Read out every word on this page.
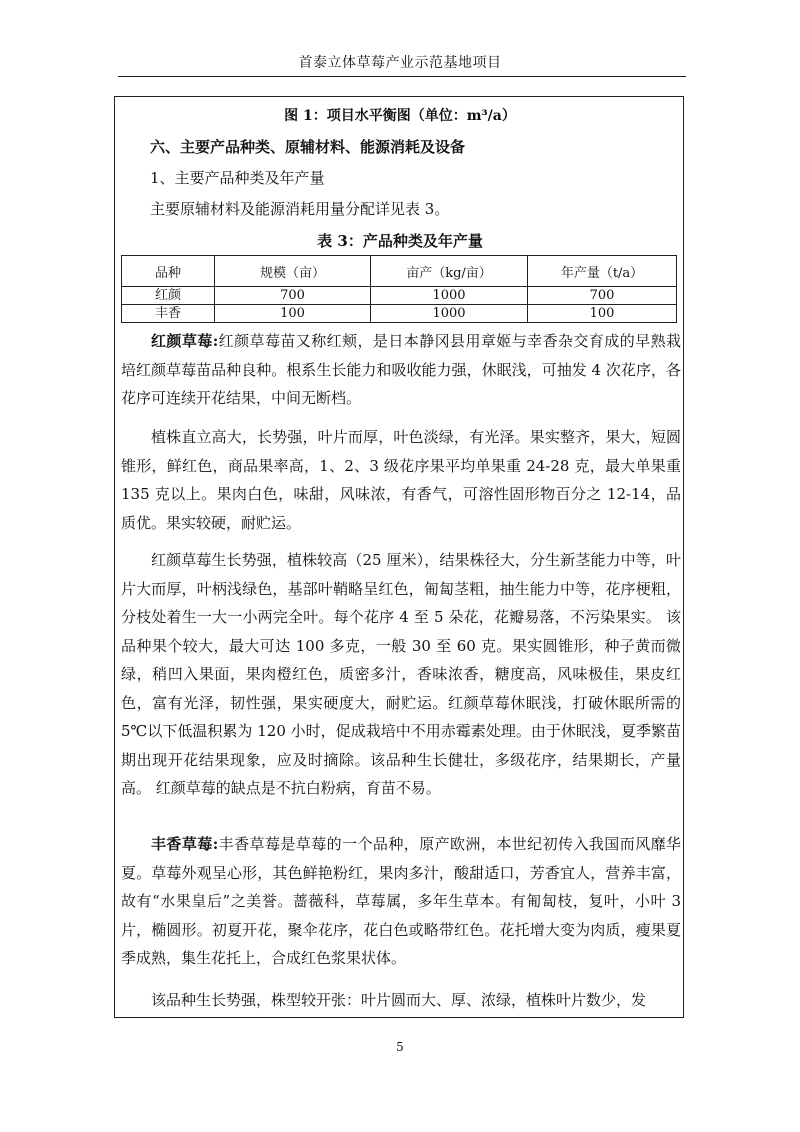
首泰立体草莓产业示范基地项目
图 1：项目水平衡图（单位：m³/a）
六、主要产品种类、原辅材料、能源消耗及设备
1、主要产品种类及年产量
主要原辅材料及能源消耗用量分配详见表 3。
表 3：产品种类及年产量
品种	规模（亩）	亩产（kg/亩）	年产量（t/a）
红颜	700	1000	700
丰香	100	1000	100

红颜草莓:红颜草莓苗又称红颊，是日本静冈县用章姬与幸香杂交育成的早熟栽培红颜草莓苗品种良种。根系生长能力和吸收能力强，休眠浅，可抽发 4 次花序，各花序可连续开花结果，中间无断档。

植株直立高大，长势强，叶片而厚，叶色淡绿，有光泽。果实整齐，果大，短圆锥形，鲜红色，商品果率高，1、2、3 级花序果平均单果重 24-28 克，最大单果重 135 克以上。果肉白色，味甜，风味浓，有香气，可溶性固形物百分之 12-14，品质优。果实较硬，耐贮运。

红颜草莓生长势强，植株较高（25 厘米），结果株径大，分生新茎能力中等，叶片大而厚，叶柄浅绿色，基部叶鞘略呈红色，匍匐茎粗，抽生能力中等，花序梗粗，分枝处着生一大一小两完全叶。每个花序 4 至 5 朵花，花瓣易落，不污染果实。 该品种果个较大，最大可达 100 多克，一般 30 至 60 克。果实圆锥形，种子黄而微绿，稍凹入果面，果肉橙红色，质密多汁，香味浓香，糖度高，风味极佳，果皮红色，富有光泽，韧性强，果实硬度大，耐贮运。红颜草莓休眠浅，打破休眠所需的 5℃以下低温积累为 120 小时，促成栽培中不用赤霉素处理。由于休眠浅，夏季繁苗期出现开花结果现象，应及时摘除。该品种生长健壮，多级花序，结果期长，产量高。 红颜草莓的缺点是不抗白粉病，育苗不易。

丰香草莓:丰香草莓是草莓的一个品种，原产欧洲，本世纪初传入我国而风靡华夏。草莓外观呈心形，其色鲜艳粉红，果肉多汁，酸甜适口，芳香宜人，营养丰富，故有“水果皇后”之美誉。蔷薇科，草莓属，多年生草本。有匍匐枝，复叶，小叶 3 片，椭圆形。初夏开花，聚伞花序，花白色或略带红色。花托增大变为肉质，瘦果夏季成熟，集生花托上，合成红色浆果状体。

该品种生长势强，株型较开张：叶片圆而大、厚、浓绿，植株叶片数少，发

5
